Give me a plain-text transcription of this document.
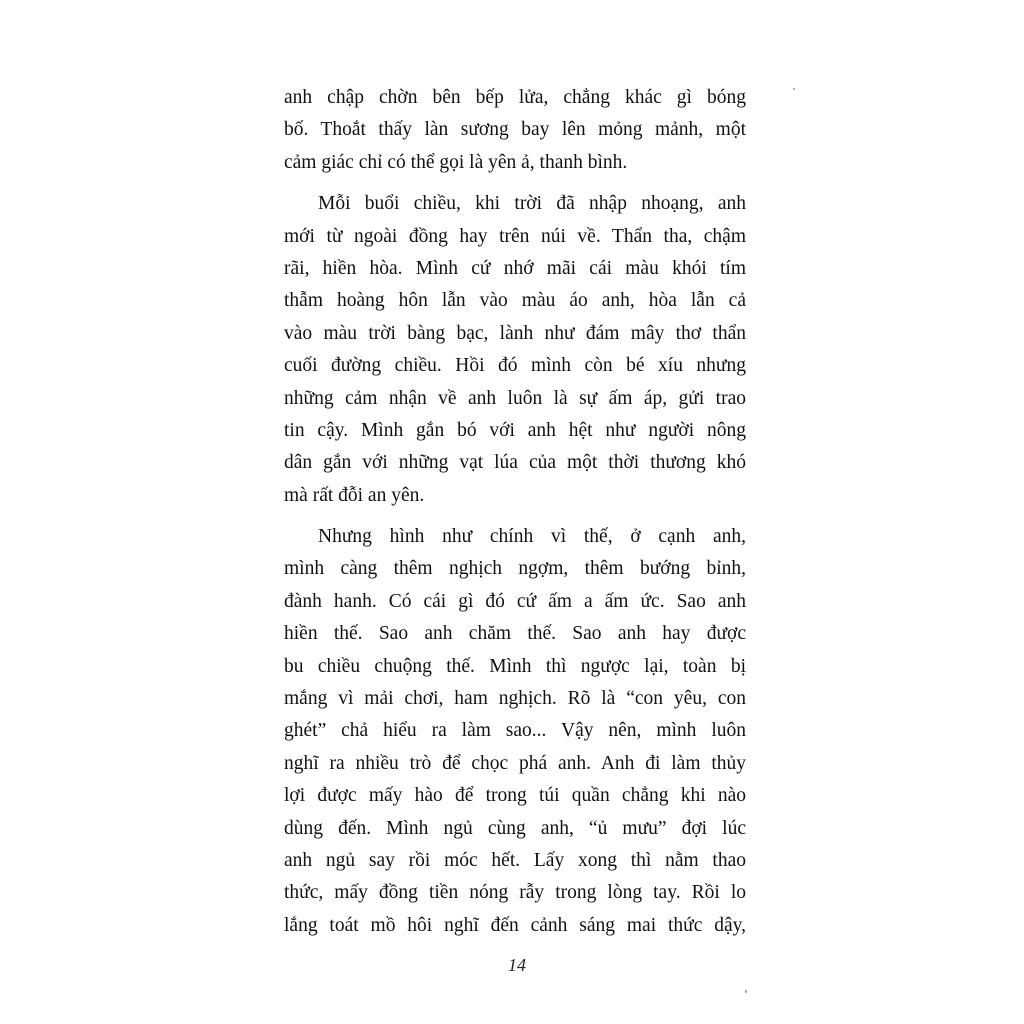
anh chập chờn bên bếp lửa, chẳng khác gì bóng
bố. Thoắt thấy làn sương bay lên mỏng mảnh, một
cảm giác chỉ có thể gọi là yên ả, thanh bình.
Mỗi buổi chiều, khi trời đã nhập nhoạng, anh
mới từ ngoài đồng hay trên núi về. Thẩn tha, chậm
rãi, hiền hòa. Mình cứ nhớ mãi cái màu khói tím
thẫm hoàng hôn lẫn vào màu áo anh, hòa lẫn cả
vào màu trời bàng bạc, lành như đám mây thơ thẩn
cuối đường chiều. Hồi đó mình còn bé xíu nhưng
những cảm nhận về anh luôn là sự ấm áp, gửi trao
tin cậy. Mình gắn bó với anh hệt như người nông
dân gắn với những vạt lúa của một thời thương khó
mà rất đỗi an yên.
Nhưng hình như chính vì thế, ở cạnh anh,
mình càng thêm nghịch ngợm, thêm bướng bỉnh,
đành hanh. Có cái gì đó cứ ấm a ấm ức. Sao anh
hiền thế. Sao anh chăm thế. Sao anh hay được
bu chiều chuộng thế. Mình thì ngược lại, toàn bị
mắng vì mải chơi, ham nghịch. Rõ là “con yêu, con
ghét” chả hiểu ra làm sao... Vậy nên, mình luôn
nghĩ ra nhiều trò để chọc phá anh. Anh đi làm thủy
lợi được mấy hào để trong túi quần chẳng khi nào
dùng đến. Mình ngủ cùng anh, “ủ mưu” đợi lúc
anh ngủ say rồi móc hết. Lấy xong thì nằm thao
thức, mấy đồng tiền nóng rẫy trong lòng tay. Rồi lo
lắng toát mồ hôi nghĩ đến cảnh sáng mai thức dậy,
14
